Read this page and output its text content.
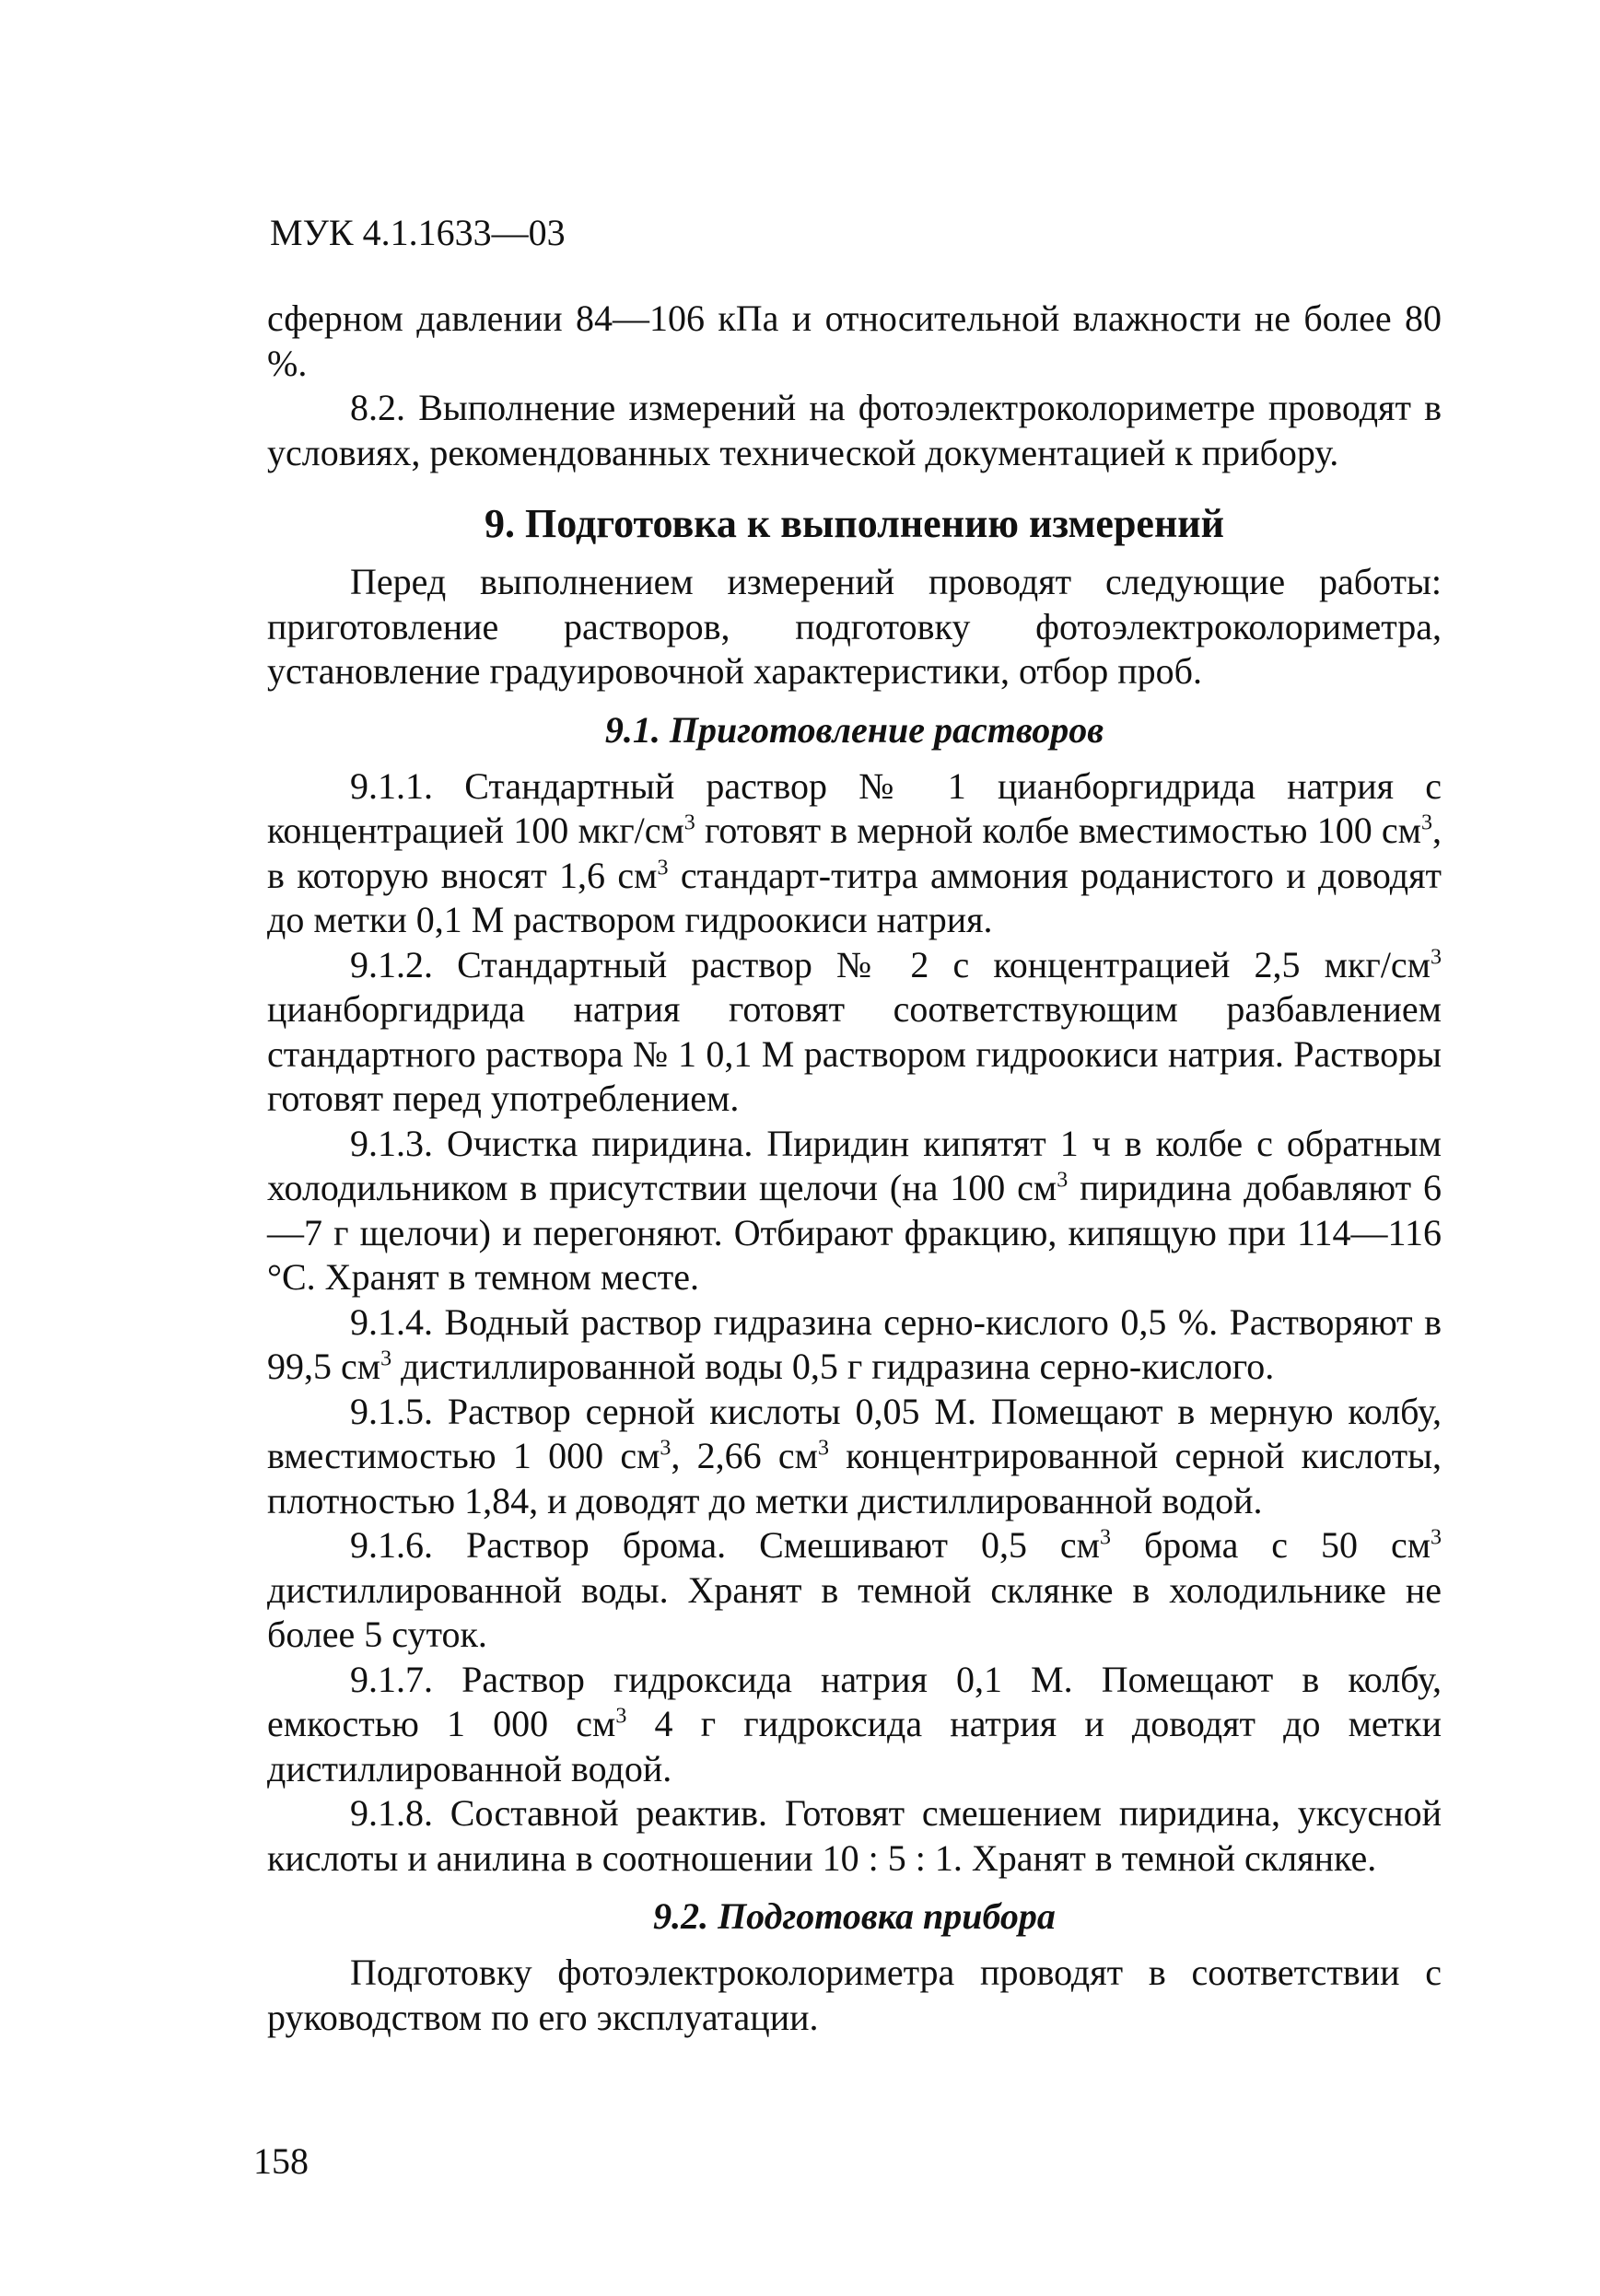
МУК 4.1.1633—03

сферном давлении 84—106 кПа и относительной влажности не более 80 %.

8.2. Выполнение измерений на фотоэлектроколориметре проводят в условиях, рекомендованных технической документацией к прибору.

9. Подготовка к выполнению измерений

Перед выполнением измерений проводят следующие работы: приготовление растворов, подготовку фотоэлектроколориметра, установление градуировочной характеристики, отбор проб.

9.1. Приготовление растворов

9.1.1. Стандартный раствор № 1 цианборгидрида натрия с концентрацией 100 мкг/$см^3$ готовят в мерной колбе вместимостью 100 $см^3$, в которую вносят 1,6 $см^3$ стандарт-титра аммония роданистого и доводят до метки 0,1 М раствором гидроокиси натрия.

9.1.2. Стандартный раствор № 2 с концентрацией 2,5 мкг/$см^3$ цианборгидрида натрия готовят соответствующим разбавлением стандартного раствора № 1 0,1 М раствором гидроокиси натрия. Растворы готовят перед употреблением.

9.1.3. Очистка пиридина. Пиридин кипятят 1 ч в колбе с обратным холодильником в присутствии щелочи (на 100 $см^3$ пиридина добавляют 6—7 г щелочи) и перегоняют. Отбирают фракцию, кипящую при 114—116 °С. Хранят в темном месте.

9.1.4. Водный раствор гидразина серно-кислого 0,5 %. Растворяют в 99,5 $см^3$ дистиллированной воды 0,5 г гидразина серно-кислого.

9.1.5. Раствор серной кислоты 0,05 М. Помещают в мерную колбу, вместимостью 1 000 $см^3$, 2,66 $см^3$ концентрированной серной кислоты, плотностью 1,84, и доводят до метки дистиллированной водой.

9.1.6. Раствор брома. Смешивают 0,5 $см^3$ брома с 50 $см^3$ дистиллированной воды. Хранят в темной склянке в холодильнике не более 5 суток.

9.1.7. Раствор гидроксида натрия 0,1 М. Помещают в колбу, емкостью 1 000 $см^3$ 4 г гидроксида натрия и доводят до метки дистиллированной водой.

9.1.8. Составной реактив. Готовят смешением пиридина, уксусной кислоты и анилина в соотношении 10 : 5 : 1. Хранят в темной склянке.

9.2. Подготовка прибора

Подготовку фотоэлектроколориметра проводят в соответствии с руководством по его эксплуатации.

158
